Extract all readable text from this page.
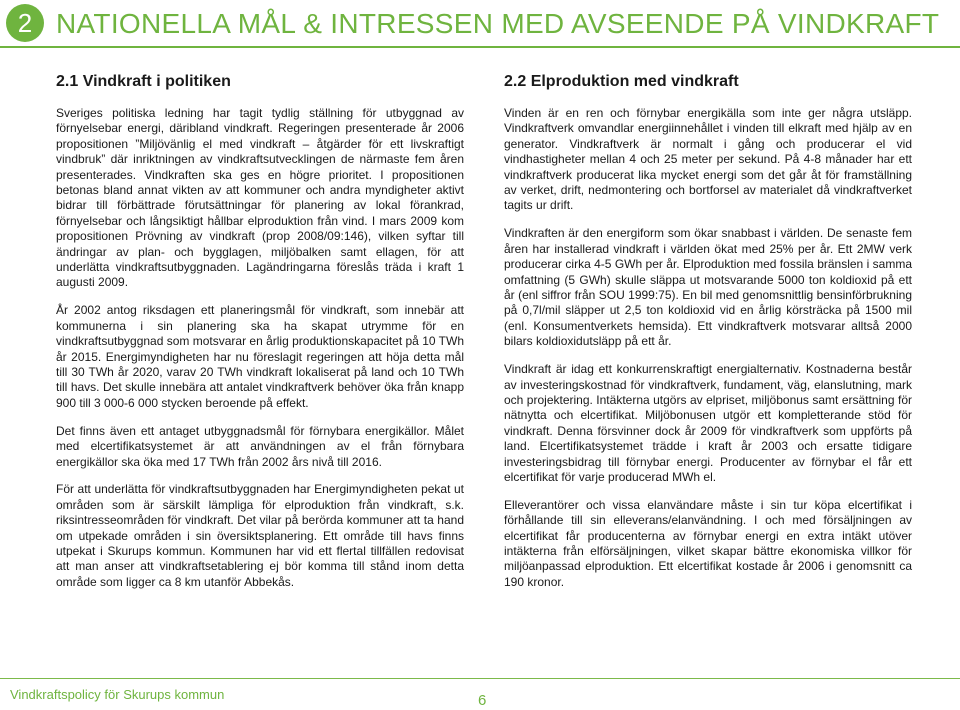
2 NATIONELLA MÅL & INTRESSEN MED AVSEENDE PÅ VINDKRAFT
2.1 Vindkraft i politiken

Sveriges politiska ledning har tagit tydlig ställning för utbyggnad av förnyelsebar energi, däribland vindkraft. Regeringen presenterade år 2006 propositionen ”Miljövänlig el med vindkraft – åtgärder för ett livskraftigt vindbruk” där inriktningen av vindkraftsutvecklingen de närmaste fem åren presenterades. Vindkraften ska ges en högre prioritet. I propositionen betonas bland annat vikten av att kommuner och andra myndigheter aktivt bidrar till förbättrade förutsättningar för planering av lokal förankrad, förnyelsebar och långsiktigt hållbar elproduktion från vind. I mars 2009 kom propositionen Prövning av vindkraft (prop 2008/09:146), vilken syftar till ändringar av plan- och bygglagen, miljöbalken samt ellagen, för att underlätta vindkraftsutbyggnaden. Lagändringarna föreslås träda i kraft 1 augusti 2009.

År 2002 antog riksdagen ett planeringsmål för vindkraft, som innebär att kommunerna i sin planering ska ha skapat utrymme för en vindkraftsutbyggnad som motsvarar en årlig produktionskapacitet på 10 TWh år 2015. Energimyndigheten har nu föreslagit regeringen att höja detta mål till 30 TWh år 2020, varav 20 TWh vindkraft lokaliserat på land och 10 TWh till havs. Det skulle innebära att antalet vindkraftverk behöver öka från knapp 900 till 3 000-6 000 stycken beroende på effekt.

Det finns även ett antaget utbyggnadsmål för förnybara energikällor. Målet med elcertifikatsystemet är att användningen av el från förnybara energikällor ska öka med 17 TWh från 2002 års nivå till 2016.

För att underlätta för vindkraftsutbyggnaden har Energimyndigheten pekat ut områden som är särskilt lämpliga för elproduktion från vindkraft, s.k. riksintresseområden för vindkraft. Det vilar på berörda kommuner att ta hand om utpekade områden i sin översiktsplanering. Ett område till havs finns utpekat i Skurups kommun. Kommunen har vid ett flertal tillfällen redovisat att man anser att vindkraftsetablering ej bör komma till stånd inom detta område som ligger ca 8 km utanför Abbekås.

2.2 Elproduktion med vindkraft

Vinden är en ren och förnybar energikälla som inte ger några utsläpp. Vindkraftverk omvandlar energiinnehållet i vinden till elkraft med hjälp av en generator. Vindkraftverk är normalt i gång och producerar el vid vindhastigheter mellan 4 och 25 meter per sekund. På 4-8 månader har ett vindkraftverk producerat lika mycket energi som det går åt för framställning av verket, drift, nedmontering och bortforsel av materialet då vindkraftverket tagits ur drift.

Vindkraften är den energiform som ökar snabbast i världen. De senaste fem åren har installerad vindkraft i världen ökat med 25% per år. Ett 2MW verk producerar cirka 4-5 GWh per år. Elproduktion med fossila bränslen i samma omfattning (5 GWh) skulle släppa ut motsvarande 5000 ton koldioxid på ett år (enl siffror från SOU 1999:75). En bil med genomsnittlig bensinförbrukning på 0,7l/mil släpper ut 2,5 ton koldioxid vid en årlig körsträcka på 1500 mil (enl. Konsumentverkets hemsida). Ett vindkraftverk motsvarar alltså 2000 bilars koldioxidutsläpp på ett år.

Vindkraft är idag ett konkurrenskraftigt energialternativ. Kostnaderna består av investeringskostnad för vindkraftverk, fundament, väg, elanslutning, mark och projektering. Intäkterna utgörs av elpriset, miljöbonus samt ersättning för nätnytta och elcertifikat. Miljöbonusen utgör ett kompletterande stöd för vindkraft. Denna försvinner dock år 2009 för vindkraftverk som uppförts på land. Elcertifikatsystemet trädde i kraft år 2003 och ersatte tidigare investeringsbidrag till förnybar energi. Producenter av förnybar el får ett elcertifikat för varje producerad MWh el.

Elleverantörer och vissa elanvändare måste i sin tur köpa elcertifikat i förhållande till sin elleverans/elanvändning. I och med försäljningen av elcertifikat får producenterna av förnybar energi en extra intäkt utöver intäkterna från elförsäljningen, vilket skapar bättre ekonomiska villkor för miljöanpassad elproduktion. Ett elcertifikat kostade år 2006 i genomsnitt ca 190 kronor.

Vindkraftspolicy för Skurups kommun	6
